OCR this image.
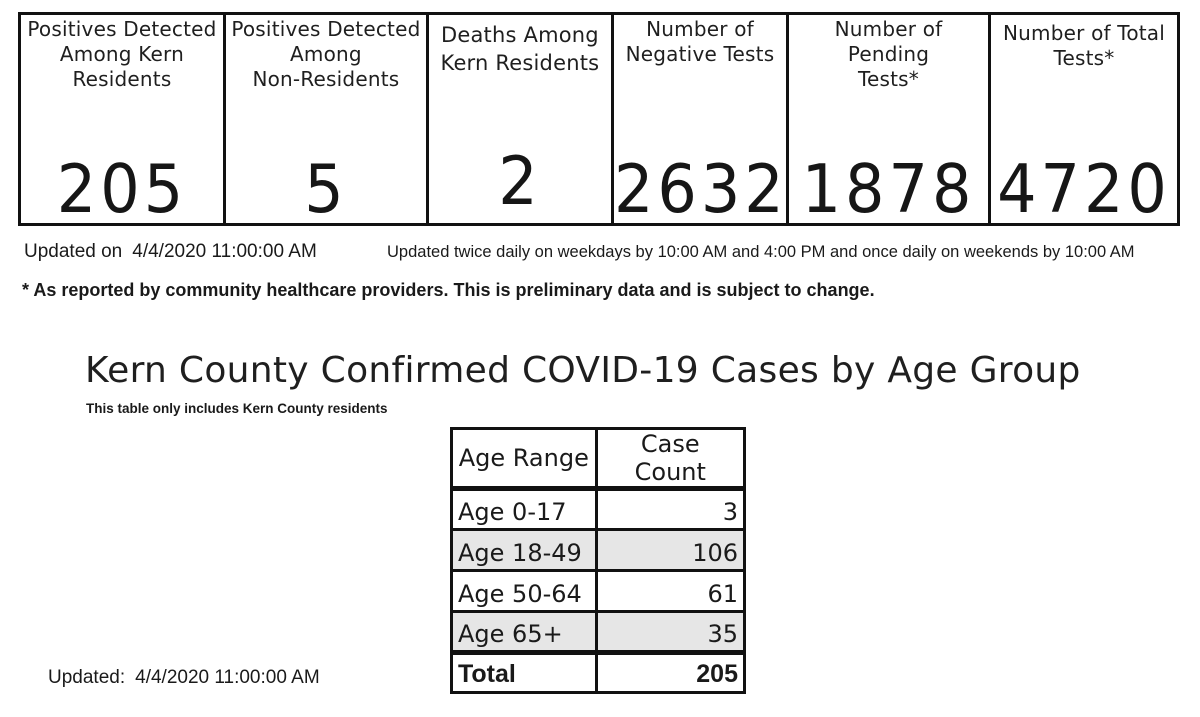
Positives Detected
Among Kern
Residents
205
Positives Detected
Among
Non-Residents
5
Deaths Among
Kern Residents
2
Number of
Negative Tests
2632
Number of Pending
Tests*
1878
Number of Total
Tests*
4720
Updated on 4/4/2020 11:00:00 AM	Updated twice daily on weekdays by 10:00 AM and 4:00 PM and once daily on weekends by 10:00 AM
* As reported by community healthcare providers. This is preliminary data and is subject to change.
Kern County Confirmed COVID-19 Cases by Age Group
This table only includes Kern County residents
Age Range	Case Count
Age 0-17	3
Age 18-49	106
Age 50-64	61
Age 65+	35
Total	205
Updated: 4/4/2020 11:00:00 AM
